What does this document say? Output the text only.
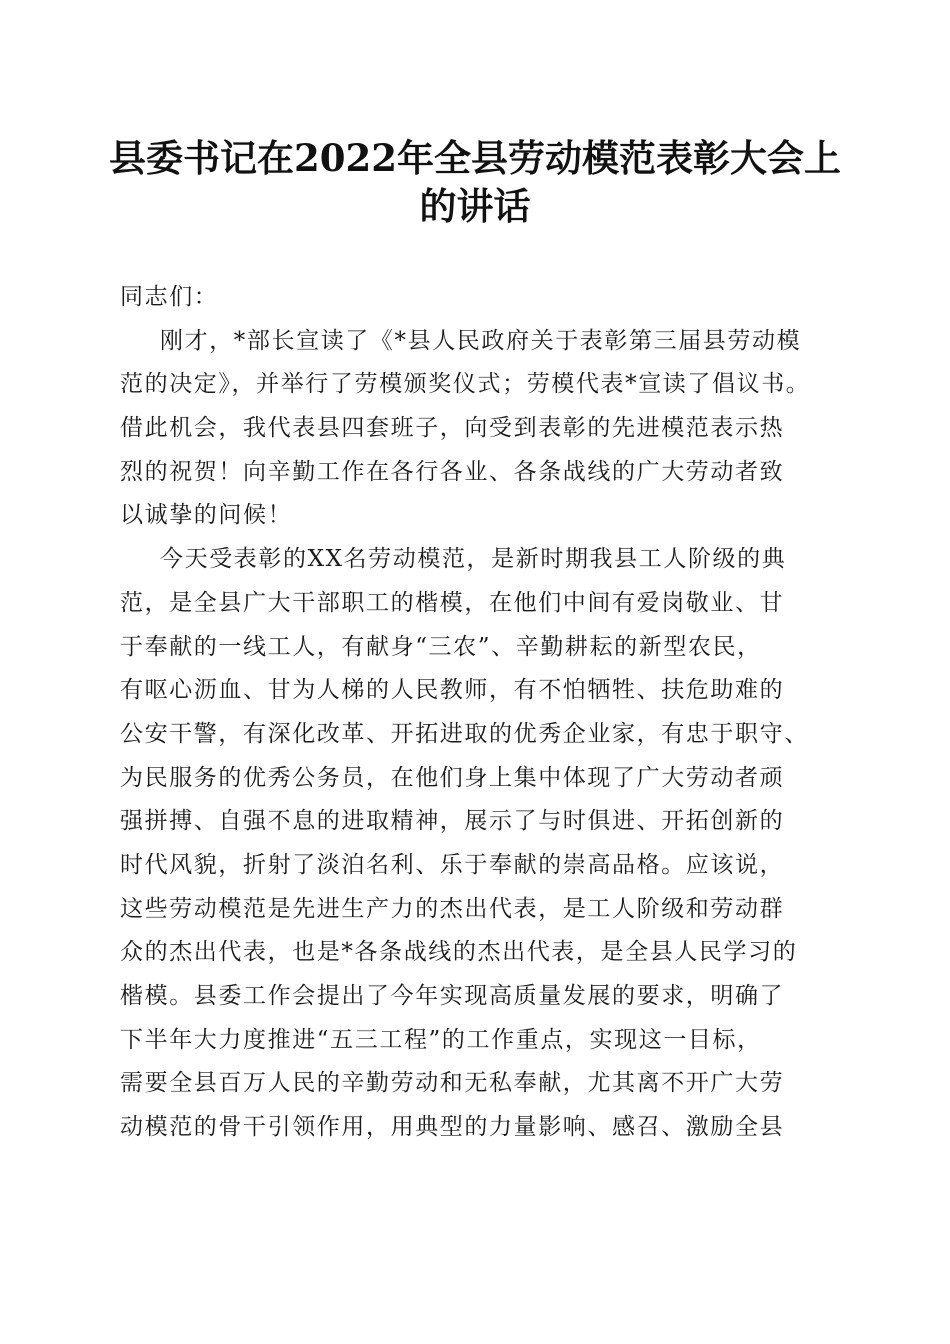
县委书记在2022年全县劳动模范表彰大会上
的讲话
同志们：
刚才，*部长宣读了《*县人民政府关于表彰第三届县劳动模
范的决定》，并举行了劳模颁奖仪式；劳模代表*宣读了倡议书。
借此机会，我代表县四套班子，向受到表彰的先进模范表示热
烈的祝贺！向辛勤工作在各行各业、各条战线的广大劳动者致
以诚挚的问候！
今天受表彰的XX名劳动模范，是新时期我县工人阶级的典
范，是全县广大干部职工的楷模，在他们中间有爱岗敬业、甘
于奉献的一线工人，有献身“三农”、辛勤耕耘的新型农民，
有呕心沥血、甘为人梯的人民教师，有不怕牺牲、扶危助难的
公安干警，有深化改革、开拓进取的优秀企业家，有忠于职守、
为民服务的优秀公务员，在他们身上集中体现了广大劳动者顽
强拼搏、自强不息的进取精神，展示了与时俱进、开拓创新的
时代风貌，折射了淡泊名利、乐于奉献的崇高品格。应该说，
这些劳动模范是先进生产力的杰出代表，是工人阶级和劳动群
众的杰出代表，也是*各条战线的杰出代表，是全县人民学习的
楷模。县委工作会提出了今年实现高质量发展的要求，明确了
下半年大力度推进“五三工程”的工作重点，实现这一目标，
需要全县百万人民的辛勤劳动和无私奉献，尤其离不开广大劳
动模范的骨干引领作用，用典型的力量影响、感召、激励全县
